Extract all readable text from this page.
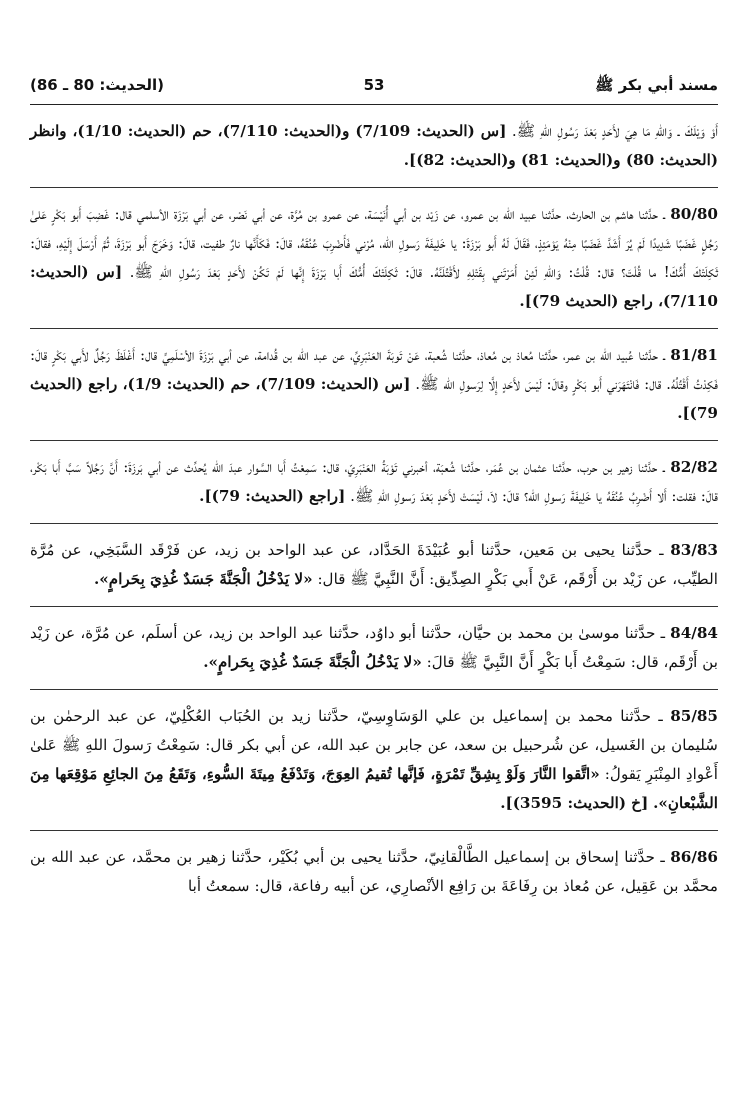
مسند أبي بكر ﷺ
53
(الحديث: 80 ـ 86)

أَوْ وَيْلَكَ ـ وَاللهِ مَا هِيَ لأَحَدٍ بَعْدَ رَسُولِ اللهِ ﷺ. [س (الحديث: 7/109) و(الحديث: 7/110)، حم (الحديث: 1/10)، وانظر (الحديث: 80) و(الحديث: 81) و(الحديث: 82)].

80/80 ـ حدَّثنا هاشم بن الحارث، حدَّثنا عبيد الله بن عمرو، عن زَيْد بن أبي أُنَيْسَة، عن عمرو بن مُرَّة، عن أبي نَصْر، عن أبي بَرْزَة الأسلمي قال: غَضِبَ أَبو بَكْرٍ عَلىٰ رَجُلٍ غَضَبًا شَدِيدًا لَمْ يُرَ أَشَدَّ غَضَبًا مِنْهُ يَوْمَئِذٍ، فَقَالَ لَهُ أَبو بَرْزَةَ: يا خَلِيفَةَ رَسولِ الله، مُرْني فَأَضْرِبَ عُنُقَهُ، قالَ: فَكَأَنَّها نارٌ طفيت، قالَ: وَخَرَجَ أَبو بَرْزَةَ، ثُمَّ أَرْسَلَ إِلَيْهِ، فقالَ: ثَكِلَتْكَ أُمُّكَ! ما قُلْتَ؟ قال: قُلْتُ: وَاللهِ لَئِنْ أَمَرْتَني بِقَتْلِهِ لأَقْتُلَنَّهُ. قالَ: ثَكِلَتْكَ أُمُّكَ أَبا بَرْزَةَ إِنَّها لَمْ تَكُنْ لأَحَدٍ بَعْدَ رَسُولِ اللهِ ﷺ. [س (الحديث: 7/110)، راجع (الحديث 79)].

81/81 ـ حدَّثنا عُبيد الله بن عمر، حدَّثنا مُعاذ بن مُعاذ، حدَّثنا شُعبة، عَنْ تَوبَةَ العَنْبَرِيِّ، عن عبد الله بن قُدامة، عن أبي بَرْزَةَ الأسْلَمِيِّ قال: أَغْلَظَ رَجُلٌ لأَبي بَكْرٍ قالَ: فَكِدْتُ أَقْتُلُهُ. قال: فَانْتَهَرَني أَبو بَكْرٍ وقالَ: لَيْسَ لأَحَدٍ إِلَّا لِرَسولِ الله ﷺ. [س (الحديث: 7/109)، حم (الحديث: 1/9)، راجع (الحديث 79)].

82/82 ـ حدَّثنا زهير بن حرب، حدَّثنا عثمان بن عُمَر، حدَّثنا شُعبَة، أخبرني تَوْبَةُ العَنْبَرِيّ، قال: سَمِعْتُ أَبا السَّوار عبدَ الله يُحدِّث عن أبي بَرزَةَ: أَنَّ رَجُلاً سَبَّ أَبا بَكْر، قالَ: فقلت: أَلا أَضْرِبُ عُنُقَهُ يا خَلِيفَةَ رَسولِ الله؟ قالَ: لاَ، لَيْسَتْ لأَحَدٍ بَعْدَ رَسولِ اللهِ ﷺ. [راجع (الحديث: 79)].

83/83 ـ حدَّثنا يحيى بن مَعين، حدَّثنا أبو عُبَيْدَةَ الحَدَّاد، عن عبد الواحد بن زيد، عن فَرْقَد السَّبَخِي، عن مُرَّة الطيِّب، عن زَيْد بن أَرْقَم، عَنْ أَبي بَكْرٍ الصِدِّيق: أَنَّ النَّبِيَّ ﷺ قال: «لا يَدْخُلُ الْجَنَّةَ جَسَدٌ غُذِيَ بِحَرامٍ».

84/84 ـ حدَّثنا موسىٰ بن محمد بن حيَّان، حدَّثنا أبو داوُد، حدَّثنا عبد الواحد بن زيد، عن أسلَم، عن مُرَّة، عن زَيْد بن أَرْقَم، قال: سَمِعْتُ أَبا بَكْرٍ أَنَّ النَّبِيَّ ﷺ قالَ: «لا يَدْخُلُ الْجَنَّةَ جَسَدٌ غُذِيَ بِحَرامٍ».

85/85 ـ حدَّثنا محمد بن إسماعيل بن علي الوَسَاوِسِيّ، حدَّثنا زيد بن الحُبَاب العُكْلِيّ، عن عبد الرحمٰن بن سُليمان بن الغَسيل، عن شُرحبيل بن سعد، عن جابر بن عبد الله، عن أبي بكر قال: سَمِعْتُ رَسولَ اللهِ ﷺ عَلىٰ أَعْوادِ المِنْبَرِ يَقولُ: «اتَّقوا النَّارَ وَلَوْ بِشِقِّ تَمْرَةٍ، فَإنَّها تُقيمُ العِوَجَ، وَتَدْفَعُ مِيتَةَ السُّوءِ، وَتَقَعُ مِنَ الجائِعِ مَوْقِعَها مِنَ الشَّبْعانِ». [خ (الحديث: 3595)].

86/86 ـ حدَّثنا إسحاق بن إسماعيل الطَّالْقانِيّ، حدَّثنا يحيى بن أبي بُكَيْر، حدَّثنا زهير بن محمَّد، عن عبد الله بن محمَّد بن عَقِيل، عن مُعاذ بن رِفَاعَةَ بن رَافِع الأنْصارِي، عن أبيه رفاعة، قال: سمعتُ أبا
